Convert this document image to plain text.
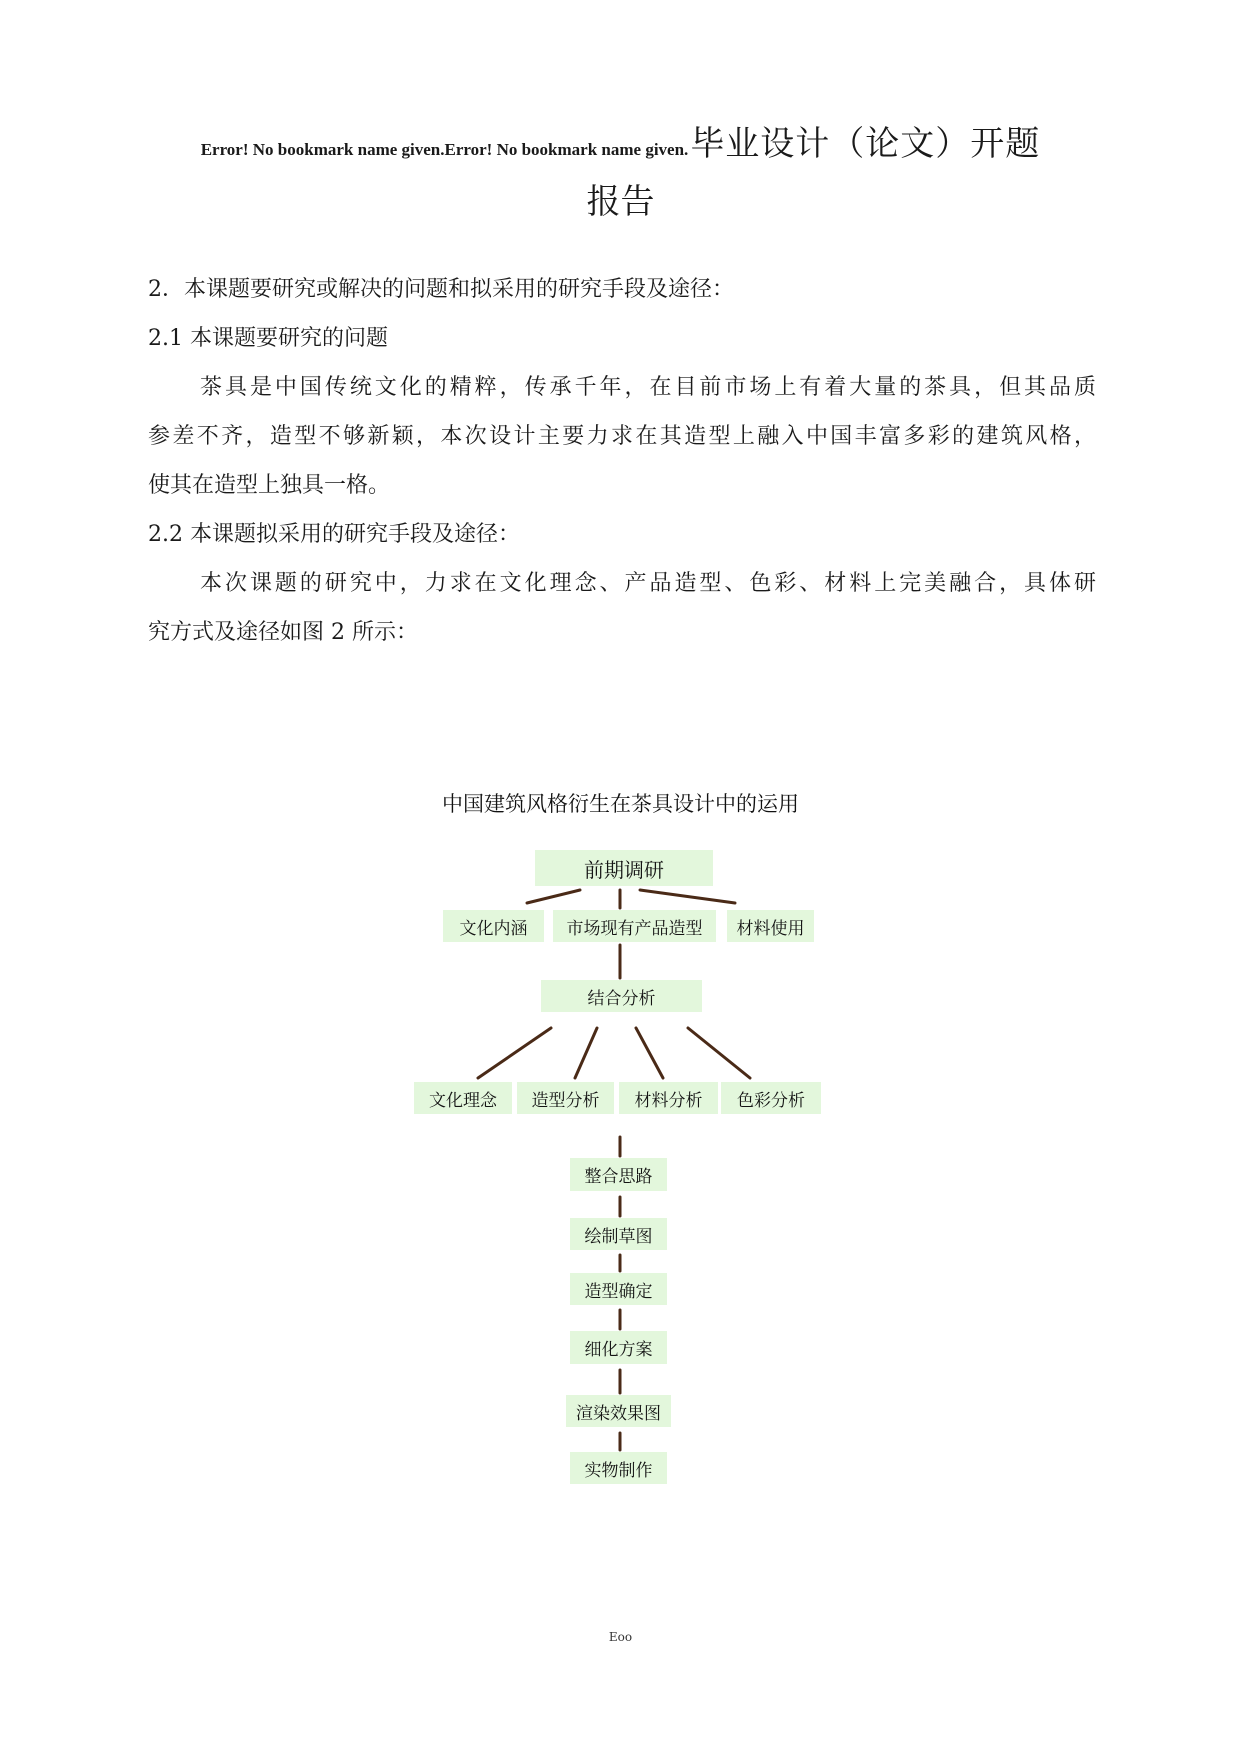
Error! No bookmark name given.Error! No bookmark name given.毕业设计（论文）开题
报告
2．本课题要研究或解决的问题和拟采用的研究手段及途径：
2.1 本课题要研究的问题
茶具是中国传统文化的精粹，传承千年，在目前市场上有着大量的茶具，但其品质
参差不齐，造型不够新颖，本次设计主要力求在其造型上融入中国丰富多彩的建筑风格，
使其在造型上独具一格。
2.2 本课题拟采用的研究手段及途径：
本次课题的研究中，力求在文化理念、产品造型、色彩、材料上完美融合，具体研
究方式及途径如图 2 所示：
中国建筑风格衍生在茶具设计中的运用
前期调研
文化内涵	市场现有产品造型	材料使用
结合分析
文化理念	造型分析	材料分析	色彩分析
整合思路
绘制草图
造型确定
细化方案
渲染效果图
实物制作
Eoo
